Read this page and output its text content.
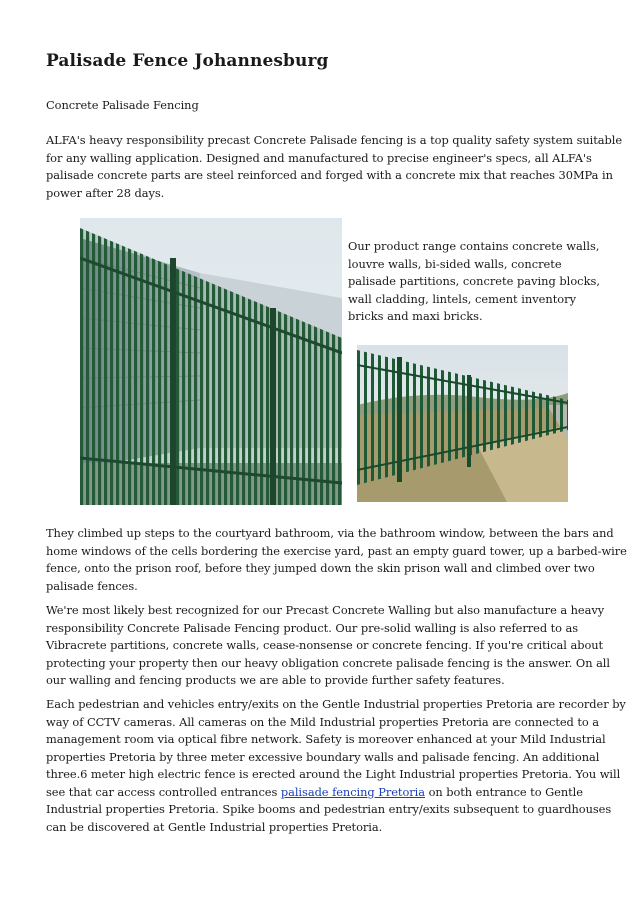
Palisade Fence Johannesburg
Concrete Palisade Fencing
ALFA's heavy responsibility precast Concrete Palisade fencing is a top quality safety system suitable
for any walling application. Designed and manufactured to precise engineer's specs, all ALFA's
palisade concrete parts are steel reinforced and forged with a concrete mix that reaches 30MPa in
power after 28 days.
They climbed up steps to the courtyard bathroom, via the bathroom window, between the bars and
home windows of the cells bordering the exercise yard, past an empty guard tower, up a barbed-wire
fence, onto the prison roof, before they jumped down the skin prison wall and climbed over two
palisade fences.
We're most likely best recognized for our Precast Concrete Walling but also manufacture a heavy
responsibility Concrete Palisade Fencing product. Our pre-solid walling is also referred to as
Vibracrete partitions, concrete walls, cease-nonsense or concrete fencing. If you're critical about
protecting your property then our heavy obligation concrete palisade fencing is the answer. On all
our walling and fencing products we are able to provide further safety features.
Each pedestrian and vehicles entry/exits on the Gentle Industrial properties Pretoria are recorder by
way of CCTV cameras. All cameras on the Mild Industrial properties Pretoria are connected to a
management room via optical fibre network. Safety is moreover enhanced at your Mild Industrial
properties Pretoria by three meter excessive boundary walls and palisade fencing. An additional
three.6 meter high electric fence is erected around the Light Industrial properties Pretoria. You will
see that car access controlled entrances palisade fencing Pretoria on both entrance to Gentle
Industrial properties Pretoria. Spike booms and pedestrian entry/exits subsequent to guardhouses
can be discovered at Gentle Industrial properties Pretoria.
Our product range contains concrete walls,
louvre walls, bi-sided walls, concrete
palisade partitions, concrete paving blocks,
wall cladding, lintels, cement inventory
bricks and maxi bricks.
